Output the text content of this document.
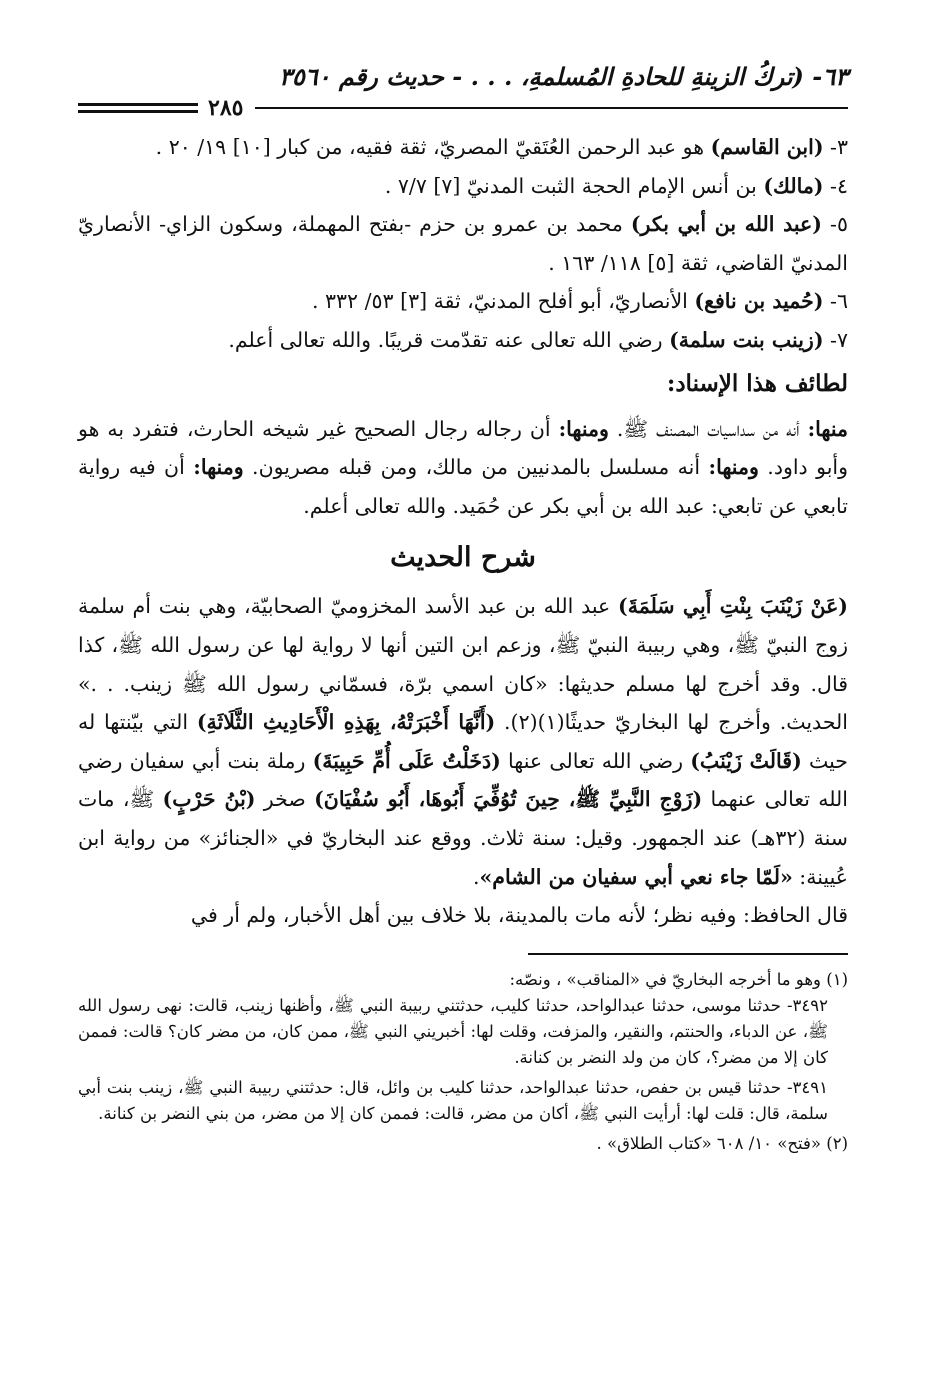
٦٣- (تركُ الزينةِ للحادةِ المُسلمةِ، . . . - حديث رقم ٣٥٦٠
٢٨٥

٣- (ابن القاسم) هو عبد الرحمن العُتَقيّ المصريّ، ثقة فقيه، من كبار [١٠] ١٩/ ٢٠ .

٤- (مالك) بن أنس الإمام الحجة الثبت المدنيّ [٧] ٧/٧ .

٥- (عبد الله بن أبي بكر) محمد بن عمرو بن حزم -بفتح المهملة، وسكون الزاي- الأنصاريّ المدنيّ القاضي، ثقة [٥] ١١٨/ ١٦٣ .

٦- (حُميد بن نافع) الأنصاريّ، أبو أفلح المدنيّ، ثقة [٣] ٥٣/ ٣٣٢ .

٧- (زينب بنت سلمة) رضي الله تعالى عنه تقدّمت قريبًا. والله تعالى أعلم.

لطائف هذا الإسناد:

منها: أنه من سداسيات المصنف ﷺ. ومنها: أن رجاله رجال الصحيح غير شيخه الحارث، فتفرد به هو وأبو داود. ومنها: أنه مسلسل بالمدنيين من مالك، ومن قبله مصريون. ومنها: أن فيه رواية تابعي عن تابعي: عبد الله بن أبي بكر عن حُمَيد. والله تعالى أعلم.

شرح الحديث

(عَنْ زَيْنَبَ بِنْتِ أَبِي سَلَمَةَ) عبد الله بن عبد الأسد المخزوميّ الصحابيّة، وهي بنت أم سلمة زوج النبيّ ﷺ، وهي ربيبة النبيّ ﷺ، وزعم ابن التين أنها لا رواية لها عن رسول الله ﷺ، كذا قال. وقد أخرج لها مسلم حديثها: «كان اسمي برّة، فسمّاني رسول الله ﷺ زينب. . .» الحديث. وأخرج لها البخاريّ حديثًا(١)(٢). (أَنَّهَا أَخْبَرَتْهُ، بِهَذِهِ الْأَحَادِيثِ الثَّلَاثَةِ) التي بيّنتها له حيث (قَالَتْ زَيْنَبُ) رضي الله تعالى عنها (دَخَلْتُ عَلَى أُمِّ حَبِيبَةَ) رملة بنت أبي سفيان رضي الله تعالى عنهما (زَوْجِ النَّبِيِّ ﷺ، حِينَ تُوُفِّيَ أَبُوهَا، أَبُو سُفْيَانَ) صخر (بْنُ حَرْبٍ) ﷺ، مات سنة (٣٢هـ) عند الجمهور. وقيل: سنة ثلاث. ووقع عند البخاريّ في «الجنائز» من رواية ابن عُيينة: «لَمّا جاء نعي أبي سفيان من الشام».

قال الحافظ: وفيه نظر؛ لأنه مات بالمدينة، بلا خلاف بين أهل الأخبار، ولم أر في

(١) وهو ما أخرجه البخاريّ في «المناقب» ، ونصّه:

٣٤٩٢- حدثنا موسى، حدثنا عبدالواحد، حدثنا كليب، حدثتني ربيبة النبي ﷺ، وأظنها زينب، قالت: نهى رسول الله ﷺ، عن الدباء، والحنتم، والنقير، والمزفت، وقلت لها: أخبريني النبي ﷺ، ممن كان، من مضر كان؟ قالت: فممن كان إلا من مضر؟، كان من ولد النضر بن كنانة.

٣٤٩١- حدثنا قيس بن حفص، حدثنا عبدالواحد، حدثنا كليب بن وائل، قال: حدثتني ربيبة النبي ﷺ، زينب بنت أبي سلمة، قال: قلت لها: أرأيت النبي ﷺ، أكان من مضر، قالت: فممن كان إلا من مضر، من بني النضر بن كنانة.

(٢) «فتح» ١٠/ ٦٠٨ «كتاب الطلاق» .
